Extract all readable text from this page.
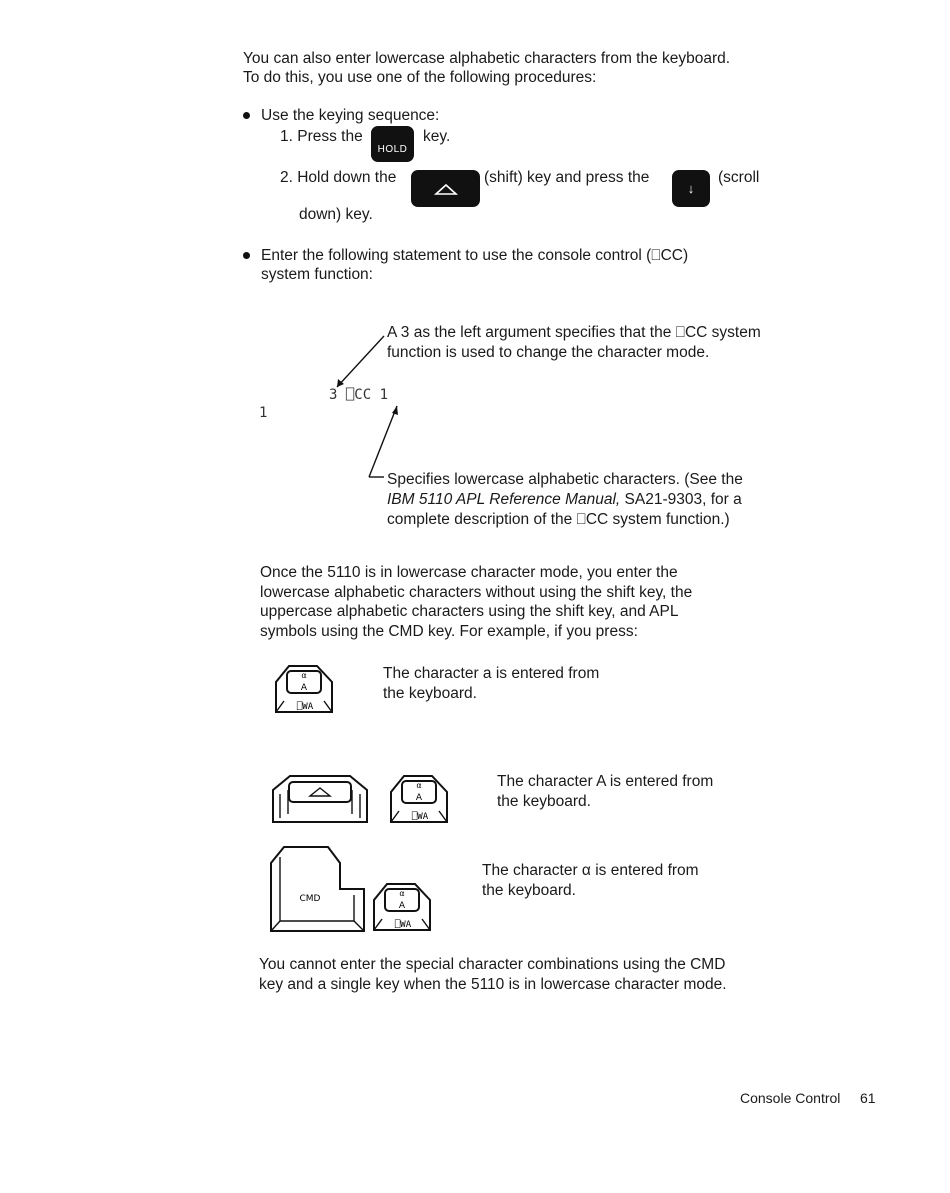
You can also enter lowercase alphabetic characters from the keyboard.
To do this, you use one of the following procedures:
Use the keying sequence:
1. Press the
HOLD
key.
2. Hold down the	(shift) key and press the
↓
(scroll
down) key.
Enter the following statement to use the console control (⎕CC)
system function:
A 3 as the left argument specifies that the ⎕CC system
function is used to change the character mode.
3 ⎕CC 1
1
Specifies lowercase alphabetic characters. (See the
IBM 5110 APL Reference Manual, SA21-9303, for a
complete description of the ⎕CC system function.)
Once the 5110 is in lowercase character mode, you enter the
lowercase alphabetic characters without using the shift key, the
uppercase alphabetic characters using the shift key, and APL
symbols using the CMD key. For example, if you press:
α
A
⎕WA
The character a is entered from
the keyboard.
α
A
⎕WA
The character A is entered from
the keyboard.
CMD
α
A
⎕WA
The character α is entered from
the keyboard.
You cannot enter the special character combinations using the CMD
key and a single key when the 5110 is in lowercase character mode.
Console Control 61
